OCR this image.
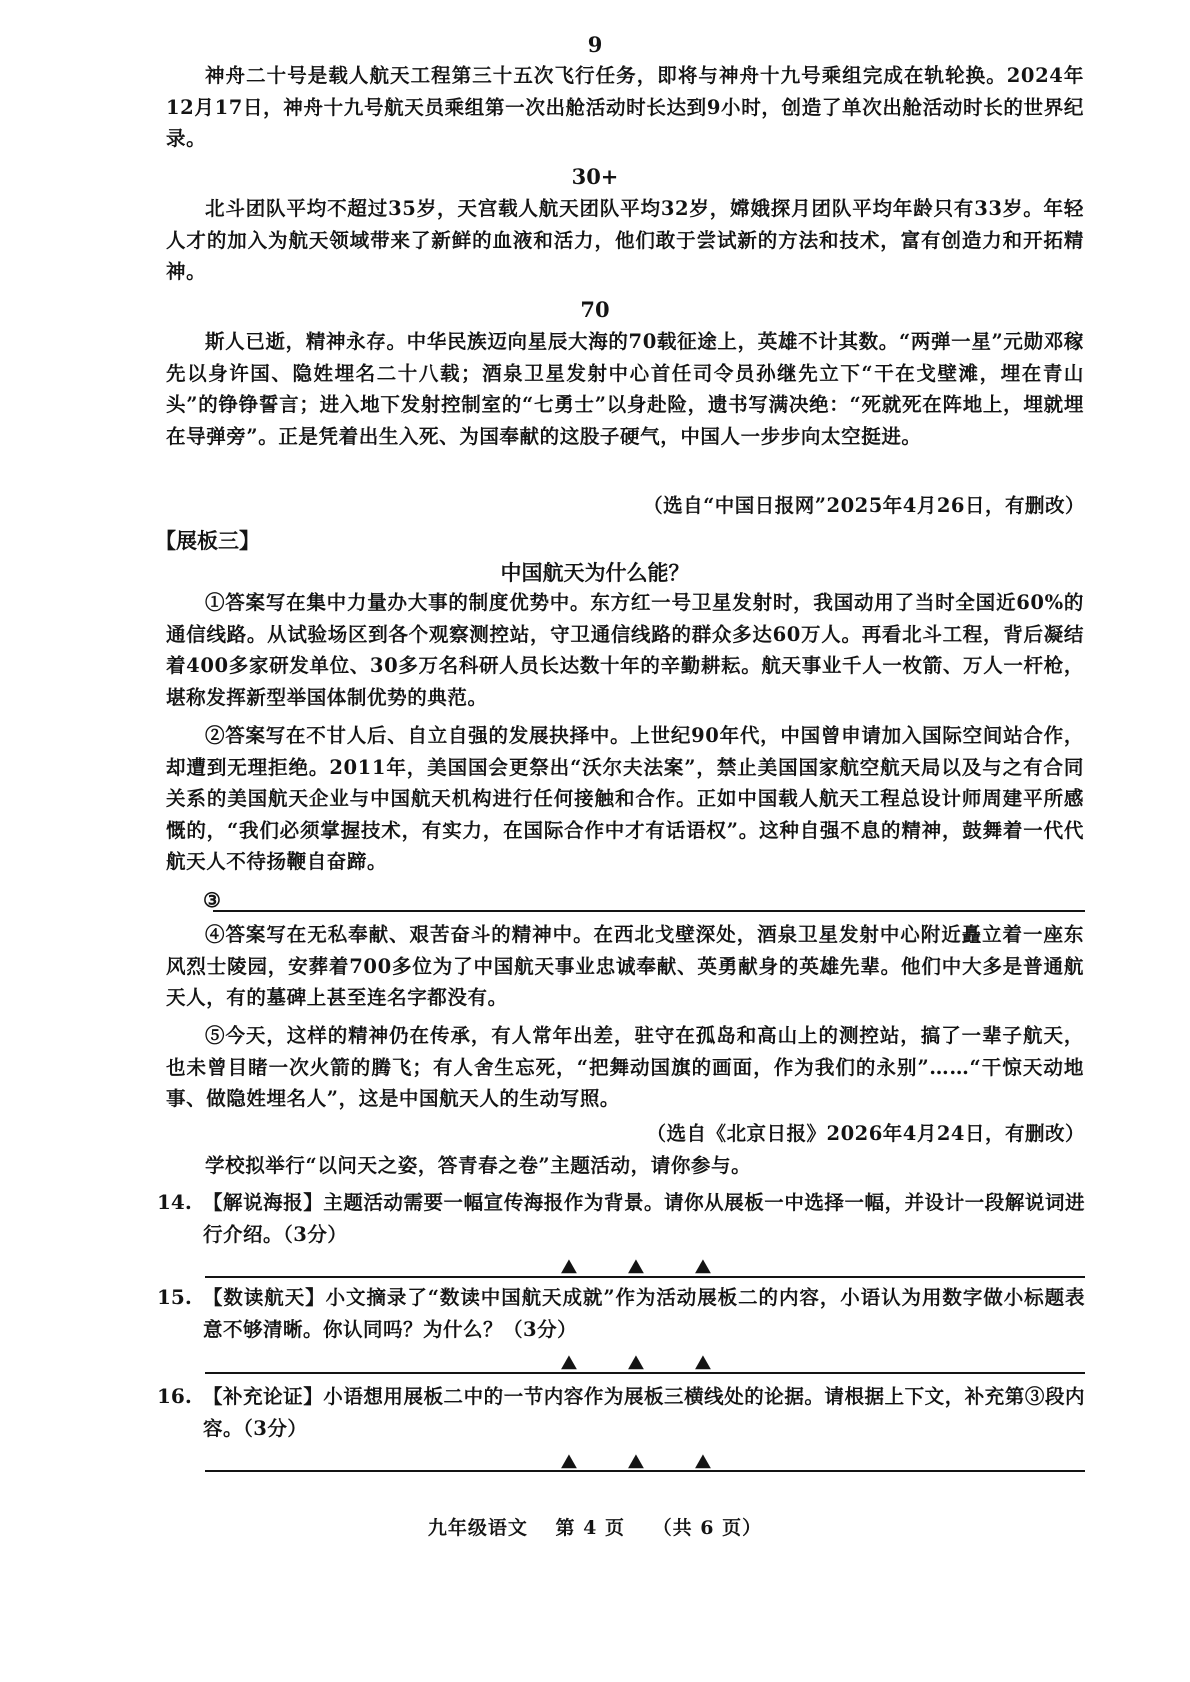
9
神舟二十号是载人航天工程第三十五次飞行任务，即将与神舟十九号乘组完成在轨轮换。2024年12月17日，神舟十九号航天员乘组第一次出舱活动时长达到9小时，创造了单次出舱活动时长的世界纪录。
30+
北斗团队平均不超过35岁，天宫载人航天团队平均32岁，嫦娥探月团队平均年龄只有33岁。年轻人才的加入为航天领域带来了新鲜的血液和活力，他们敢于尝试新的方法和技术，富有创造力和开拓精神。
70
斯人已逝，精神永存。中华民族迈向星辰大海的70载征途上，英雄不计其数。“两弹一星”元勋邓稼先以身许国、隐姓埋名二十八载；酒泉卫星发射中心首任司令员孙继先立下“干在戈壁滩，埋在青山头”的铮铮誓言；进入地下发射控制室的“七勇士”以身赴险，遗书写满决绝：“死就死在阵地上，埋就埋在导弹旁”。正是凭着出生入死、为国奉献的这股子硬气，中国人一步步向太空挺进。
（选自“中国日报网”2025年4月26日，有删改）
【展板三】
中国航天为什么能？
①答案写在集中力量办大事的制度优势中。东方红一号卫星发射时，我国动用了当时全国近60%的通信线路。从试验场区到各个观察测控站，守卫通信线路的群众多达60万人。再看北斗工程，背后凝结着400多家研发单位、30多万名科研人员长达数十年的辛勤耕耘。航天事业千人一枚箭、万人一杆枪，堪称发挥新型举国体制优势的典范。
②答案写在不甘人后、自立自强的发展抉择中。上世纪90年代，中国曾申请加入国际空间站合作，却遭到无理拒绝。2011年，美国国会更祭出“沃尔夫法案”，禁止美国国家航空航天局以及与之有合同关系的美国航天企业与中国航天机构进行任何接触和合作。正如中国载人航天工程总设计师周建平所感慨的，“我们必须掌握技术，有实力，在国际合作中才有话语权”。这种自强不息的精神，鼓舞着一代代航天人不待扬鞭自奋蹄。
③
④答案写在无私奉献、艰苦奋斗的精神中。在西北戈壁深处，酒泉卫星发射中心附近矗立着一座东风烈士陵园，安葬着700多位为了中国航天事业忠诚奉献、英勇献身的英雄先辈。他们中大多是普通航天人，有的墓碑上甚至连名字都没有。
⑤今天，这样的精神仍在传承，有人常年出差，驻守在孤岛和高山上的测控站，搞了一辈子航天，也未曾目睹一次火箭的腾飞；有人舍生忘死，“把舞动国旗的画面，作为我们的永别”……“干惊天动地事、做隐姓埋名人”，这是中国航天人的生动写照。
（选自《北京日报》2026年4月24日，有删改）
学校拟举行“以问天之姿，答青春之卷”主题活动，请你参与。
14. 【解说海报】主题活动需要一幅宣传海报作为背景。请你从展板一中选择一幅，并设计一段解说词进行介绍。（3分）
▲	▲	▲
15. 【数读航天】小文摘录了“数读中国航天成就”作为活动展板二的内容，小语认为用数字做小标题表意不够清晰。你认同吗？为什么？（3分）
▲	▲	▲
16. 【补充论证】小语想用展板二中的一节内容作为展板三横线处的论据。请根据上下文，补充第③段内容。（3分）
▲	▲	▲
九年级语文 第 4 页 （共 6 页）
